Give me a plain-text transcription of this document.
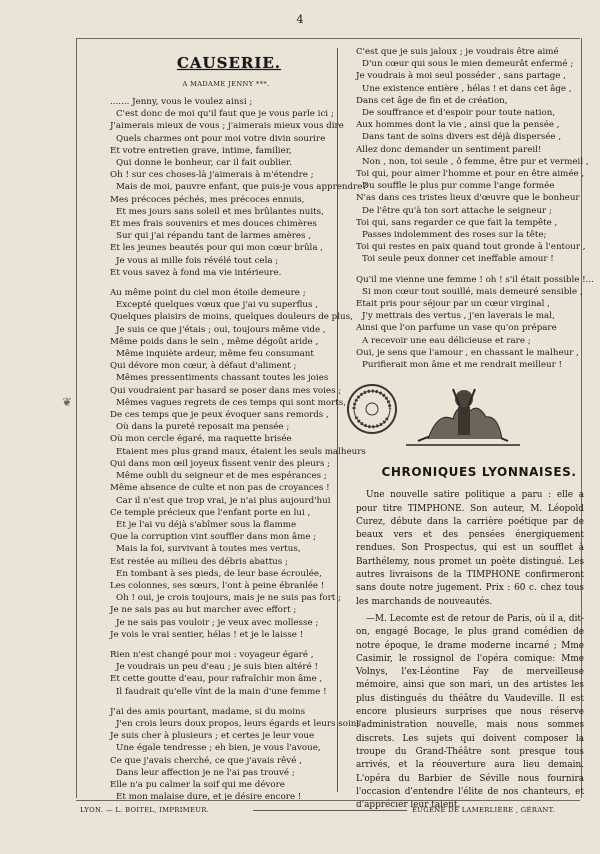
4
❦
CAUSERIE.
A MADAME JENNY ***.
....... Jenny, vous le voulez ainsi ;
C'est donc de moi qu'il faut que je vous parle ici ;
J'aimerais mieux de vous ; j'aimerais mieux vous dire
Quels charmes ont pour moi votre divin sourire
Et votre entretien grave, intime, familier,
Qui donne le bonheur, car il fait oublier.
Oh ! sur ces choses-là j'aimerais à m'étendre ;
Mais de moi, pauvre enfant, que puis-je vous apprendre?
Mes précoces péchés, mes précoces ennuis,
Et mes jours sans soleil et mes brûlantes nuits,
Et mes frais souvenirs et mes douces chimères
Sur qui j'ai répandu tant de larmes amères ,
Et les jeunes beautés pour qui mon cœur brûla ,
Je vous ai mille fois révélé tout cela ;
Et vous savez à fond ma vie intérieure.
Au même point du ciel mon étoile demeure ;
Excepté quelques vœux que j'ai vu superflus ,
Quelques plaisirs de moins, quelques douleurs de plus,
Je suis ce que j'étais ; oui, toujours même vide ,
Même poids dans le sein , même dégoût aride ,
Même inquiète ardeur, même feu consumant
Qui dévore mon cœur, à défaut d'aliment ;
Mêmes pressentiments chassant toutes les joies
Qui voudraient par hasard se poser dans mes voies ;
Mêmes vagues regrets de ces temps qui sont morts,
De ces temps que je peux évoquer sans remords ,
Où dans la pureté reposait ma pensée ;
Où mon cercle égaré, ma raquette brisée
Etaient mes plus grand maux, étaient les seuls malheurs
Qui dans mon œil joyeux fissent venir des pleurs ;
Même oubli du seigneur et de mes espérances ;
Même absence de culte et non pas de croyances !
Car il n'est que trop vrai, je n'ai plus aujourd'hui
Ce temple précieux que l'enfant porte en lui ,
Et je l'ai vu déjà s'abîmer sous la flamme
Que la corruption vint souffler dans mon âme ;
Mais la foi, survivant à toutes mes vertus,
Est restée au milieu des débris abattus ;
En tombant à ses pieds, de leur base écroulée,
Les colonnes, ses sœurs, l'ont à peine ébranlée !
Oh ! oui, je crois toujours, mais je ne suis pas fort ;
Je ne sais pas au but marcher avec effort ;
Je ne sais pas vouloir ; je veux avec mollesse ;
Je vois le vrai sentier, hélas ! et je le laisse !
Rien n'est changé pour moi : voyageur égaré ,
Je voudrais un peu d'eau ; je suis bien altéré !
Et cette goutte d'eau, pour rafraîchir mon âme ,
Il faudrait qu'elle vînt de la main d'une femme !
J'ai des amis pourtant, madame, si du moins
J'en crois leurs doux propos, leurs égards et leurs soins ;
Je suis cher à plusieurs ; et certes je leur voue
Une égale tendresse ; eh bien, je vous l'avoue,
Ce que j'avais cherché, ce que j'avais rêvé ,
Dans leur affection je ne l'ai pas trouvé ;
Elle n'a pu calmer la soif qui me dévore
Et mon malaise dure, et je désire encore !
C'est que je suis jaloux ; je voudrais être aimé
D'un cœur qui sous le mien demeurât enfermé ;
Je voudrais à moi seul posséder , sans partage ,
Une existence entière , hélas ! et dans cet âge ,
Dans cet âge de fin et de création,
De souffrance et d'espoir pour toute nation,
Aux hommes dont la vie , ainsi que la pensée ,
Dans tant de soins divers est déjà dispersée ,
Allez donc demander un sentiment pareil!
Non , non, toi seule , ô femme, être pur et vermeil ,
Toi qui, pour aimer l'homme et pour en être aimée ,
Du souffle le plus pur comme l'ange formée
N'as dans ces tristes lieux d'œuvre que le bonheur
De l'être qu'à ton sort attache le seigneur ;
Toi qui, sans regarder ce que fait la tempête ,
Passes indolemment des roses sur la tête;
Toi qui restes en paix quand tout gronde à l'entour ,
Toi seule peux donner cet ineffable amour !
Qu'il me vienne une femme ! oh ! s'il était possible !...
Si mon cœur tout souillé, mais demeuré sensible ,
Etait pris pour séjour par un cœur virginal ,
J'y mettrais des vertus , j'en laverais le mal,
Ainsi que l'on parfume un vase qu'on prépare
A recevoir une eau délicieuse et rare ;
Oui, je sens que l'amour , en chassant le malheur ,
Purifierait mon âme et me rendrait meilleur !
CHRONIQUES LYONNAISES.

Une nouvelle satire politique a paru : elle a pour titre TIMPHONE. Son auteur, M. Léopold Curez, débute dans la carrière poétique par de beaux vers et des pensées énergiquement rendues. Son Prospectus, qui est un soufflet à Barthélemy, nous promet un poète distingué. Les autres livraisons de la TIMPHONE confirmeront sans doute notre jugement. Prix : 60 c. chez tous les marchands de nouveautés.

—M. Lecomte est de retour de Paris, où il a, dit-on, engagé Bocage, le plus grand comédien de notre époque, le drame moderne incarné ; Mme Casimir, le rossignol de l'opéra comique: Mme Volnys, l'ex-Léontine Fay de merveilleuse mémoire, ainsi que son mari, un des artistes les plus distingués du théâtre du Vaudeville. Il est encore plusieurs surprises que nous réserve l'administration nouvelle, mais nous sommes discrets. Les sujets qui doivent composer la troupe du Grand-Théâtre sont presque tous arrivés, et la réouverture aura lieu demain. L'opéra du Barbier de Séville nous fournira l'occasion d'entendre l'élite de nos chanteurs, et d'apprécier leur talent.

LYON. — L. BOITEL, IMPRIMEUR.	EUGÈNE DE LAMERLIÈRE , GÉRANT.
